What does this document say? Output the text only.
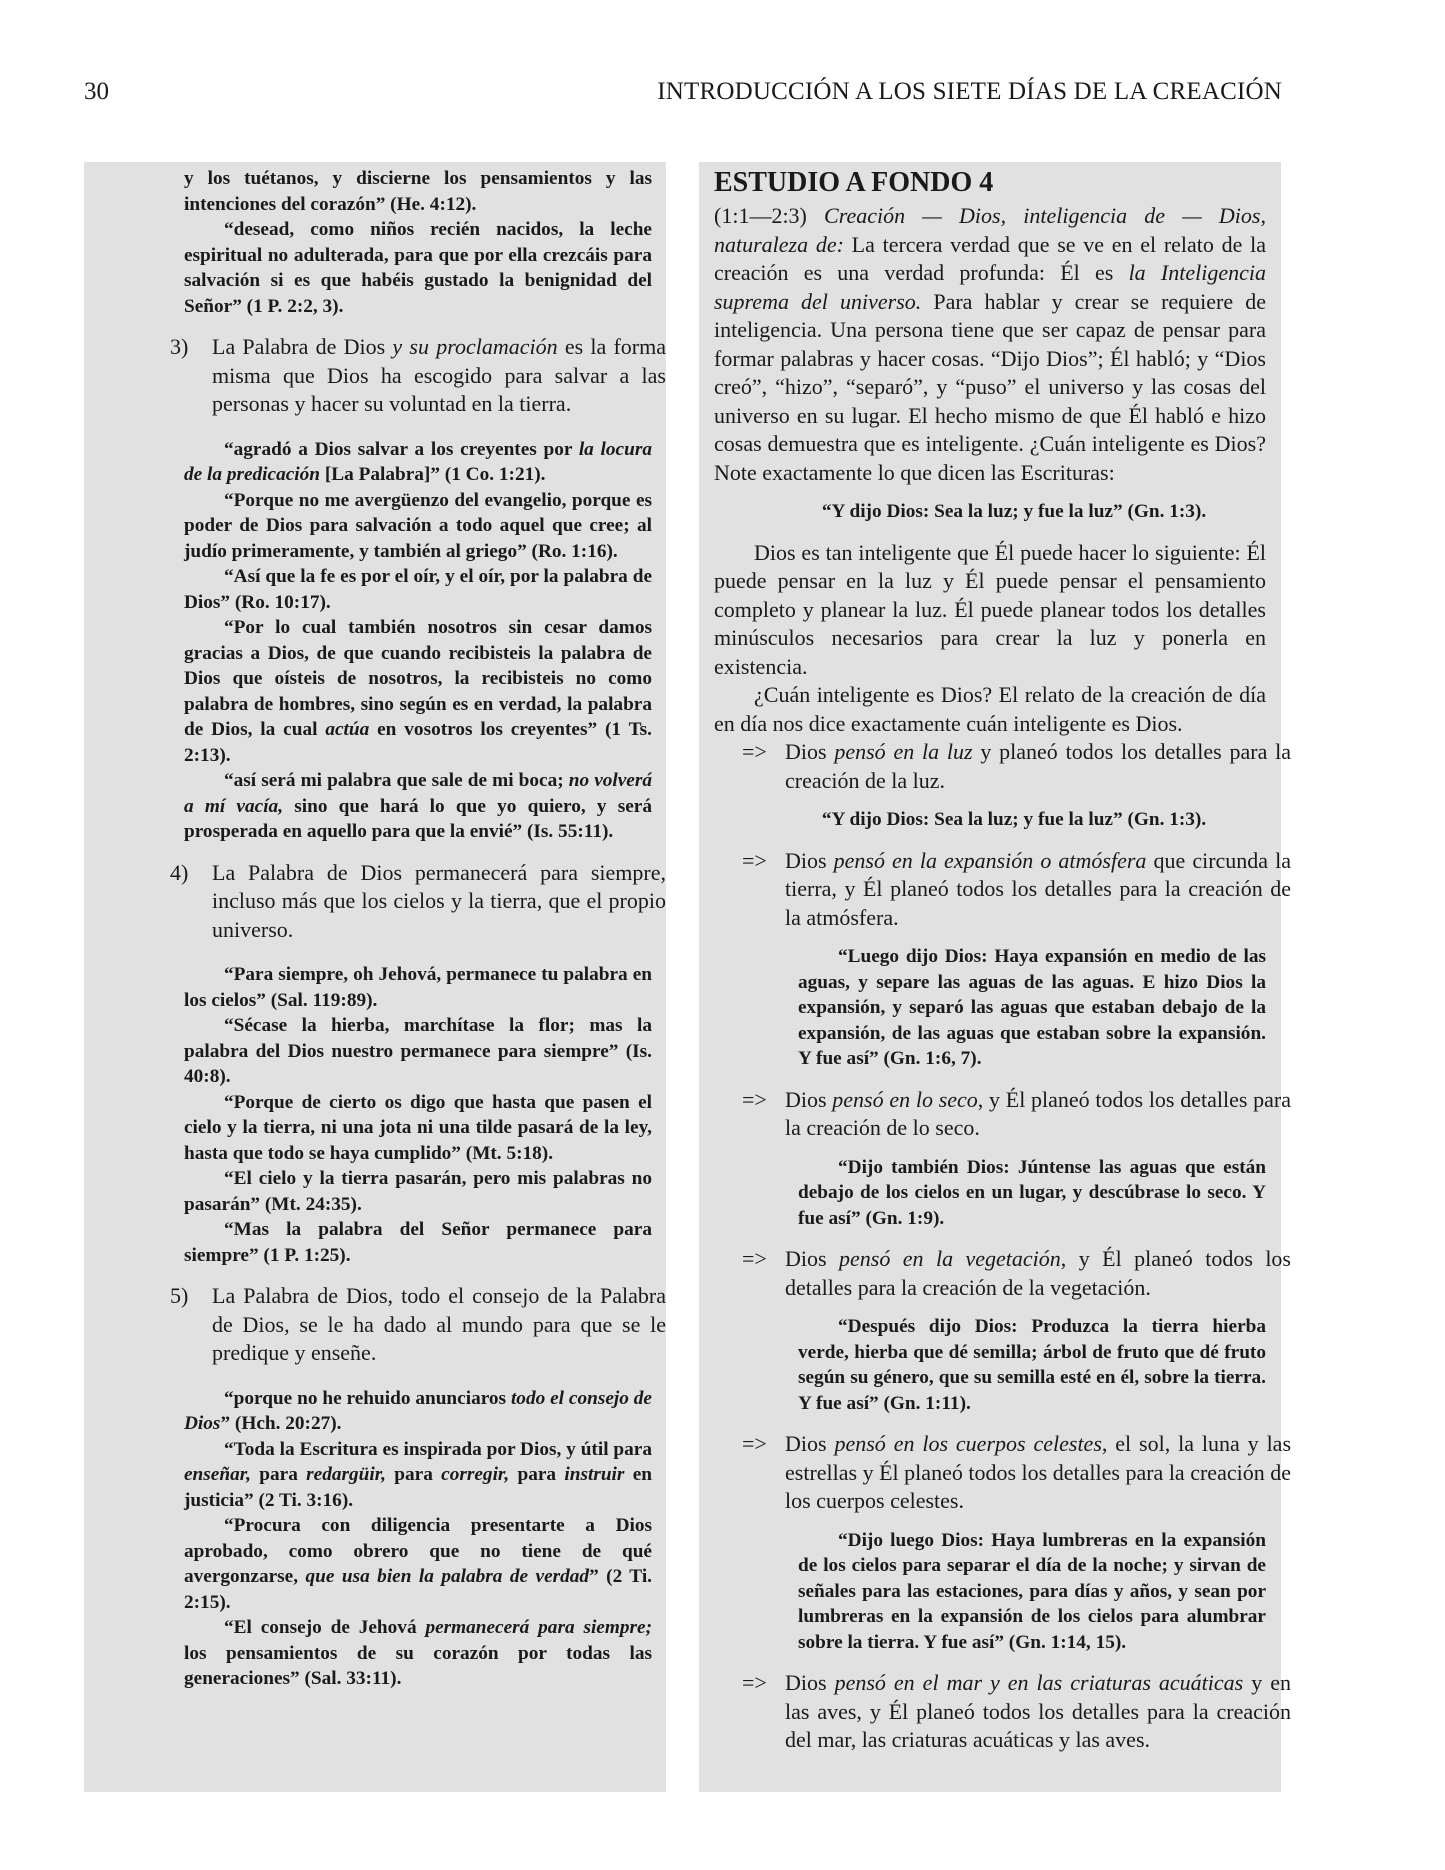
30	INTRODUCCIÓN A LOS SIETE DÍAS DE LA CREACIÓN

y los tuétanos, y discierne los pensamientos y las intenciones del corazón” (He. 4:12).

“desead, como niños recién nacidos, la leche espiritual no adulterada, para que por ella crezcáis para salvación si es que habéis gustado la benignidad del Señor” (1 P. 2:2, 3).

3) La Palabra de Dios y su proclamación es la forma misma que Dios ha escogido para salvar a las personas y hacer su voluntad en la tierra.

“agradó a Dios salvar a los creyentes por la locura de la predicación [La Palabra]” (1 Co. 1:21).

“Porque no me avergüenzo del evangelio, porque es poder de Dios para salvación a todo aquel que cree; al judío primeramente, y también al griego” (Ro. 1:16).

“Así que la fe es por el oír, y el oír, por la palabra de Dios” (Ro. 10:17).

“Por lo cual también nosotros sin cesar damos gracias a Dios, de que cuando recibisteis la palabra de Dios que oísteis de nosotros, la recibisteis no como palabra de hombres, sino según es en verdad, la palabra de Dios, la cual actúa en vosotros los creyentes” (1 Ts. 2:13).

“así será mi palabra que sale de mi boca; no volverá a mí vacía, sino que hará lo que yo quiero, y será prosperada en aquello para que la envié” (Is. 55:11).

4) La Palabra de Dios permanecerá para siempre, incluso más que los cielos y la tierra, que el propio universo.

“Para siempre, oh Jehová, permanece tu palabra en los cielos” (Sal. 119:89).

“Sécase la hierba, marchítase la flor; mas la palabra del Dios nuestro permanece para siempre” (Is. 40:8).

“Porque de cierto os digo que hasta que pasen el cielo y la tierra, ni una jota ni una tilde pasará de la ley, hasta que todo se haya cumplido” (Mt. 5:18).

“El cielo y la tierra pasarán, pero mis palabras no pasarán” (Mt. 24:35).

“Mas la palabra del Señor permanece para siempre” (1 P. 1:25).

5) La Palabra de Dios, todo el consejo de la Palabra de Dios, se le ha dado al mundo para que se le predique y enseñe.

“porque no he rehuido anunciaros todo el consejo de Dios” (Hch. 20:27).

“Toda la Escritura es inspirada por Dios, y útil para enseñar, para redargüir, para corregir, para instruir en justicia” (2 Ti. 3:16).

“Procura con diligencia presentarte a Dios aprobado, como obrero que no tiene de qué avergonzarse, que usa bien la palabra de verdad” (2 Ti. 2:15).

“El consejo de Jehová permanecerá para siempre; los pensamientos de su corazón por todas las generaciones” (Sal. 33:11).

ESTUDIO A FONDO 4

(1:1—2:3) Creación — Dios, inteligencia de — Dios, naturaleza de: La tercera verdad que se ve en el relato de la creación es una verdad profunda: Él es la Inteligencia suprema del universo. Para hablar y crear se requiere de inteligencia. Una persona tiene que ser capaz de pensar para formar palabras y hacer cosas. “Dijo Dios”; Él habló; y “Dios creó”, “hizo”, “separó”, y “puso” el universo y las cosas del universo en su lugar. El hecho mismo de que Él habló e hizo cosas demuestra que es inteligente. ¿Cuán inteligente es Dios? Note exactamente lo que dicen las Escrituras:

“Y dijo Dios: Sea la luz; y fue la luz” (Gn. 1:3).

Dios es tan inteligente que Él puede hacer lo siguiente: Él puede pensar en la luz y Él puede pensar el pensamiento completo y planear la luz. Él puede planear todos los detalles minúsculos necesarios para crear la luz y ponerla en existencia.

¿Cuán inteligente es Dios? El relato de la creación de día en día nos dice exactamente cuán inteligente es Dios.

=> Dios pensó en la luz y planeó todos los detalles para la creación de la luz.

“Y dijo Dios: Sea la luz; y fue la luz” (Gn. 1:3).

=> Dios pensó en la expansión o atmósfera que circunda la tierra, y Él planeó todos los detalles para la creación de la atmósfera.

“Luego dijo Dios: Haya expansión en medio de las aguas, y separe las aguas de las aguas. E hizo Dios la expansión, y separó las aguas que estaban debajo de la expansión, de las aguas que estaban sobre la expansión. Y fue así” (Gn. 1:6, 7).

=> Dios pensó en lo seco, y Él planeó todos los detalles para la creación de lo seco.

“Dijo también Dios: Júntense las aguas que están debajo de los cielos en un lugar, y descúbrase lo seco. Y fue así” (Gn. 1:9).

=> Dios pensó en la vegetación, y Él planeó todos los detalles para la creación de la vegetación.

“Después dijo Dios: Produzca la tierra hierba verde, hierba que dé semilla; árbol de fruto que dé fruto según su género, que su semilla esté en él, sobre la tierra. Y fue así” (Gn. 1:11).

=> Dios pensó en los cuerpos celestes, el sol, la luna y las estrellas y Él planeó todos los detalles para la creación de los cuerpos celestes.

“Dijo luego Dios: Haya lumbreras en la expansión de los cielos para separar el día de la noche; y sirvan de señales para las estaciones, para días y años, y sean por lumbreras en la expansión de los cielos para alumbrar sobre la tierra. Y fue así” (Gn. 1:14, 15).

=> Dios pensó en el mar y en las criaturas acuáticas y en las aves, y Él planeó todos los detalles para la creación del mar, las criaturas acuáticas y las aves.
